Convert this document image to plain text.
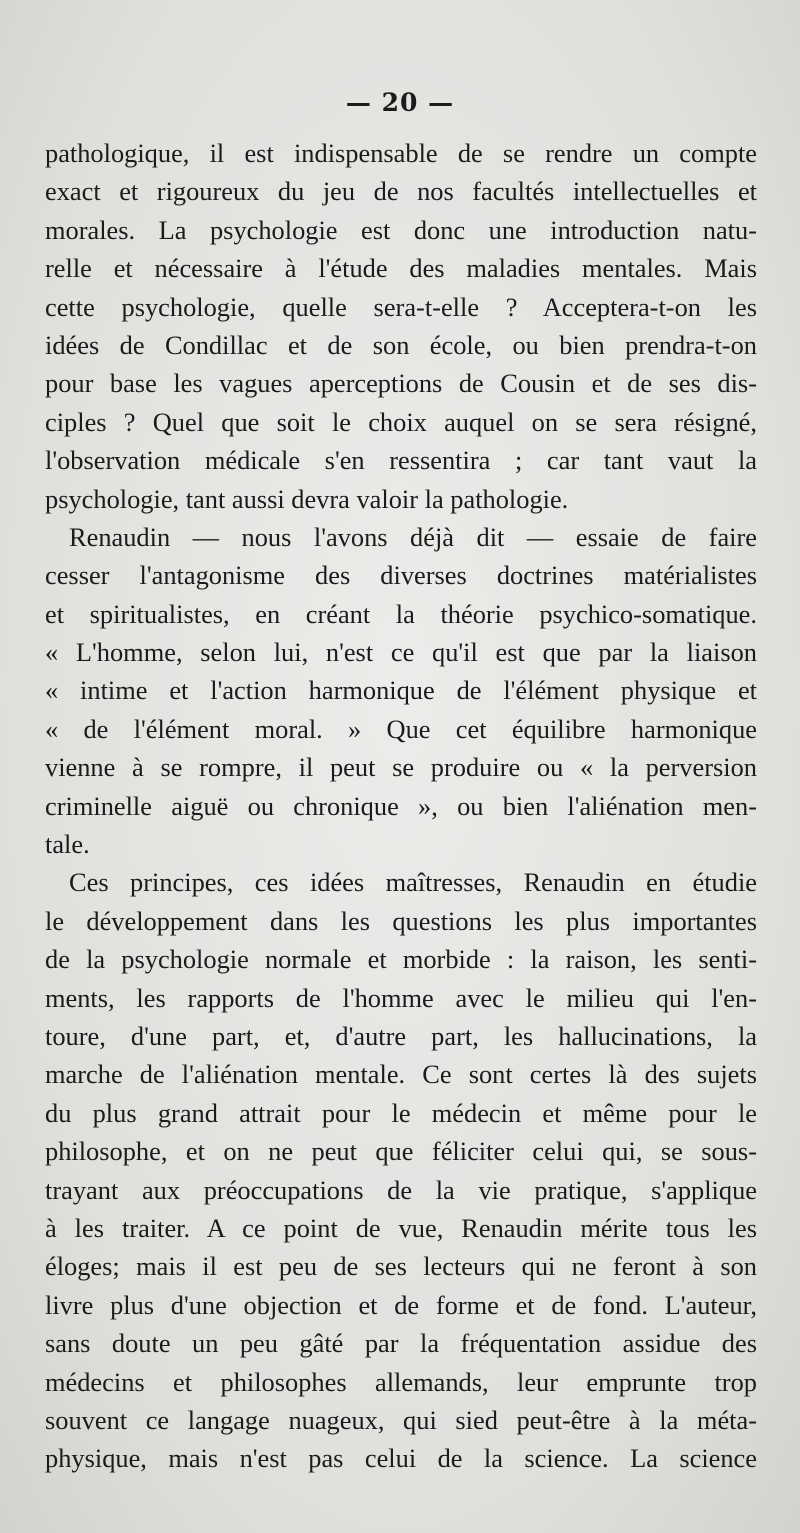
— 20 —
pathologique, il est indispensable de se rendre un compte
exact et rigoureux du jeu de nos facultés intellectuelles et
morales. La psychologie est donc une introduction natu-
relle et nécessaire à l'étude des maladies mentales. Mais
cette psychologie, quelle sera-t-elle ? Acceptera-t-on les
idées de Condillac et de son école, ou bien prendra-t-on
pour base les vagues aperceptions de Cousin et de ses dis-
ciples ? Quel que soit le choix auquel on se sera résigné,
l'observation médicale s'en ressentira ; car tant vaut la
psychologie, tant aussi devra valoir la pathologie.
Renaudin — nous l'avons déjà dit — essaie de faire
cesser l'antagonisme des diverses doctrines matérialistes
et spiritualistes, en créant la théorie psychico-somatique.
« L'homme, selon lui, n'est ce qu'il est que par la liaison
« intime et l'action harmonique de l'élément physique et
« de l'élément moral. » Que cet équilibre harmonique
vienne à se rompre, il peut se produire ou « la perversion
criminelle aiguë ou chronique », ou bien l'aliénation men-
tale.
Ces principes, ces idées maîtresses, Renaudin en étudie
le développement dans les questions les plus importantes
de la psychologie normale et morbide : la raison, les senti-
ments, les rapports de l'homme avec le milieu qui l'en-
toure, d'une part, et, d'autre part, les hallucinations, la
marche de l'aliénation mentale. Ce sont certes là des sujets
du plus grand attrait pour le médecin et même pour le
philosophe, et on ne peut que féliciter celui qui, se sous-
trayant aux préoccupations de la vie pratique, s'applique
à les traiter. A ce point de vue, Renaudin mérite tous les
éloges; mais il est peu de ses lecteurs qui ne feront à son
livre plus d'une objection et de forme et de fond. L'auteur,
sans doute un peu gâté par la fréquentation assidue des
médecins et philosophes allemands, leur emprunte trop
souvent ce langage nuageux, qui sied peut-être à la méta-
physique, mais n'est pas celui de la science. La science
